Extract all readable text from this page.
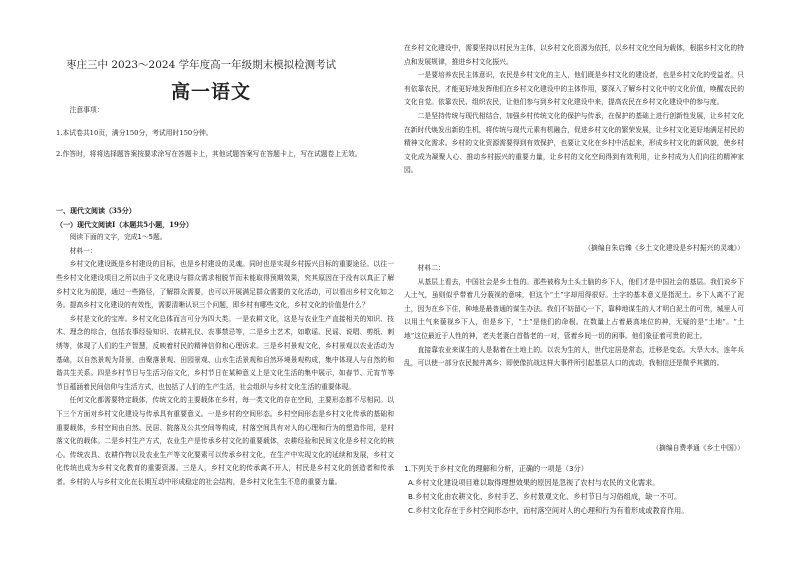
枣庄三中 2023～2024 学年度高一年级期末模拟检测考试
高一语文

注意事项：

1.本试卷共10页，满分150分，考试用时150分钟。

2.作答时，将将选择题答案按要求涂写在答题卡上，其他试题答案写在答题卡上，写在试题卷上无效。

一、现代文阅读（35分）

（一）现代文阅读Ⅰ（本题共5小题，19分）

阅读下面的文字，完成1～5题。

材料一：

乡村文化建设既是乡村建设的目标，也是乡村建设的灵魂。同时也是实现乡村振兴目标的重要途径。以往一些乡村文化建设项目之所以由于文化建设与群众需求相脱节而未能取得预期效果，究其原因在于没有以真正了解乡村文化为前提，通过一些路径，了解群众需要，也可以开展满足群众需要的文化活动，可以看出乡村文化如之务。提高乡村文化建设的有效性，需要清晰认识三个问题，即乡村有哪些文化，乡村文化的价值是什么？

乡村是文化的宝库。乡村文化总体而言可分为四大类。一是农耕文化，这是与农业生产直接相关的知识、技术、理念的综合，包括农事经验知识、农耕礼仪、农事禁忌等，二是乡土艺术，如歌谣、民谣、说唱、剪纸、刺绣等，体现了人们的生产智慧，反映着村民的精神信仰和心理诉求。三是乡村景观文化，乡村景观以农业活动为基础，以自然景观为背景，由聚落景观、田园景观、山水生活景观和自然环境景观构成，集中体现人与自然的和谐共生关系。四是乡村节日与生活习俗文化，乡村节日在某种意义上是文化生活的集中展示，如春节、元宵节等节日蕴涵着民间信仰与生活方式，也包括了人们的生产生活，社会组织与乡村文化生活的重要体现。

任何文化都需要特定载体，传统文化的主要载体在乡村，每一类文化的存在空间，主要形态都不尽相同。以下三个方面对乡村文化建设与传承具有重要意义。一是乡村的空间形态。乡村空间形态是乡村文化传承的基础和重要载体，乡村空间由自然、民居、院落及公共空间等构成，村落空间具有对人的心理和行为的塑造作用，是村落文化的载体。二是乡村生产方式，农业生产是传承乡村文化的重要载体，农耕经验和民间文化是乡村文化的核心。传统农具、农耕作物以及农业生产等文化要素可以传承乡村文化，在生产中实现文化的延续和发展，乡村文化传统也成为乡村文化教育的重要资源。三是人，乡村文化的传承离不开人，村民是乡村文化的创造者和传承者。乡村的人与乡村文化在长期互动中形成稳定的社会结构，是乡村文化生生不息的重要力量。

在乡村文化建设中，需要坚持以村民为主体，以乡村文化资源为依托，以乡村文化空间为载体，根据乡村文化的特点和发展规律，推进乡村文化振兴。

一是要培养农民主体意识，农民是乡村文化的主人，他们既是乡村文化的建设者，也是乡村文化的受益者。只有依靠农民，才能更好地发挥他们在乡村文化建设中的主体作用，要深入了解乡村文化中的文化价值，唤醒农民的文化自觉。依靠农民、组织农民，让他们参与到乡村文化建设中来，提高农民在乡村文化建设中的参与度。

二是坚持传统与现代相结合，加强乡村传统文化的保护与传承，在保护的基础上进行创新性发展，让乡村文化在新时代焕发出新的生机，将传统与现代元素有机融合，促进乡村文化的繁荣发展，让乡村文化更好地满足村民的精神文化需求。乡村的文化资源需要得到有效保护，也要让文化在乡村中活起来，形成乡村文化的新风貌，使乡村文化成为凝聚人心、推动乡村振兴的重要力量，让乡村的文化空间得到有效利用，让乡村成为人们向往的精神家园。

（摘编自朱启臻《乡土文化建设是乡村振兴的灵魂》）

材料二：

从基层上看去，中国社会是乡土性的。那些被称为土头土脑的乡下人，他们才是中国社会的基层。我们说乡下人土气，虽则似乎带着几分藐视的意味，但这个“土”字却用得很好。土字的基本意义是指泥土。乡下人离不了泥土，因为在乡下住，种地是最普通的谋生办法。我们不妨留心一下，靠种地谋生的人才明白泥土的可贵，城里人可以用土气来藐视乡下人，但是乡下，“土”是他们的命根。在数量上占着最高地位的神，无疑的是“土地”。“土地”这位最近于人性的神，老夫老妻白首偕老的一对，管着乡间一切的闲事。他们象征着可贵的泥土。

直接靠农业来谋生的人是黏着在土地上的。以农为生的人，世代定居是常态，迁移是变态。大旱大水，连年兵乱，可以使一部分农民抛井离乡；即使像抗战这样大事件所引起基层人口的流动，我相信还是微乎其微的。

（摘编自费孝通《乡土中国》）

1.下列关于乡村文化的理解和分析，正确的一项是（3分）

A.乡村文化建设项目难以取得理想效果的原因是忽视了农村与农民的文化需求。

B.乡村文化由农耕文化、乡村手艺、乡村景观文化、乡村节日与习俗组成，缺一不可。

C.乡村文化存在于乡村空间形态中，而村落空间对人的心理和行为有着形成或教育作用。
